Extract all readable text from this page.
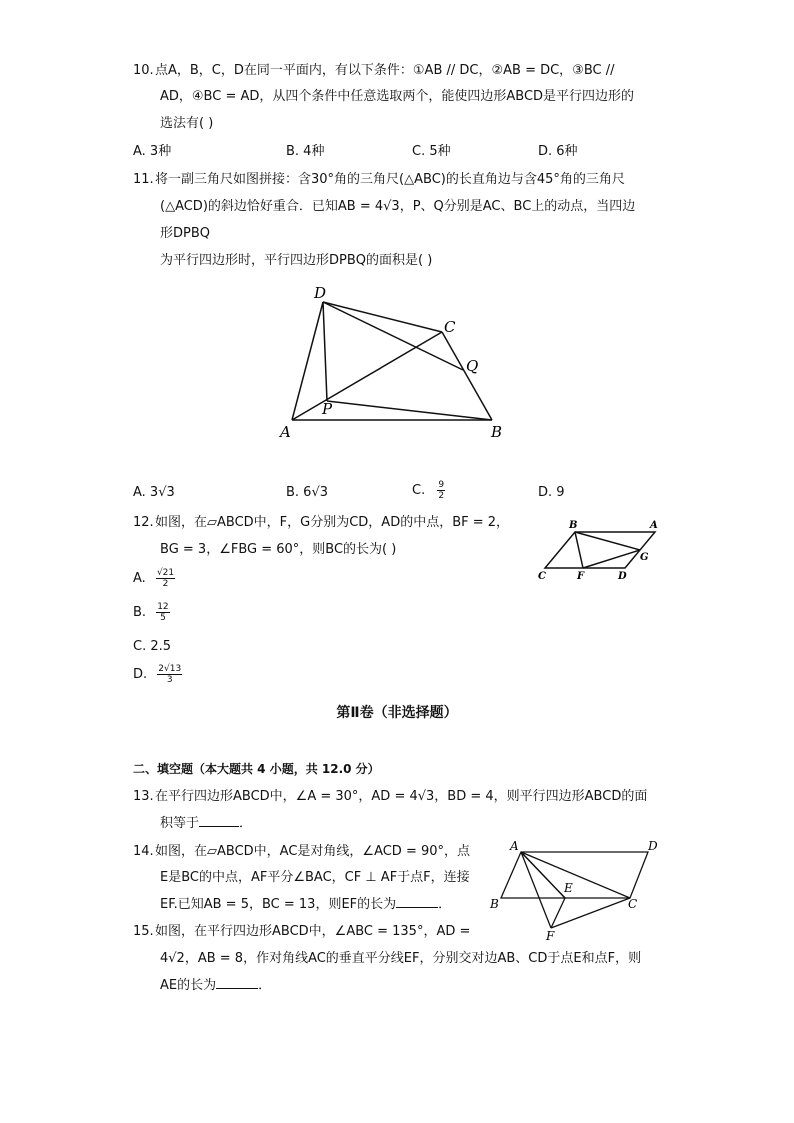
10.点A，B，C，D在同一平面内，有以下条件：①AB // DC，②AB = DC，③BC //
AD，④BC = AD，从四个条件中任意选取两个，能使四边形ABCD是平行四边形的
选法有( )
A. 3种	B. 4种	C. 5种	D. 6种
11.将一副三角尺如图拼接：含30°角的三角尺(△ABC)的长直角边与含45°角的三角尺
(△ACD)的斜边恰好重合．已知AB = 4√3，P、Q分别是AC、BC上的动点，当四边
形DPBQ
为平行四边形时，平行四边形DPBQ的面积是( )
D
C
Q
P
A	B
A. 3√3	B. 6√3	C. $\frac{9}{2}$	D. 9
12.如图，在▱ABCD中，F，G分别为CD，AD的中点，BF = 2，
BG = 3，∠FBG = 60°，则BC的长为( )
B	A
G
C	F	D
A. $\frac{√21}{2}$
B. $\frac{12}{5}$
C. 2.5
D. $\frac{2√13}{3}$
第Ⅱ卷（非选择题）
二、填空题（本大题共 4 小题，共 12.0 分）
13.在平行四边形ABCD中，∠A = 30°，AD = 4√3，BD = 4，则平行四边形ABCD的面
积等于	．
14.如图，在▱ABCD中，AC是对角线，∠ACD = 90°，点
E是BC的中点，AF平分∠BAC，CF ⊥ AF于点F，连接
EF.已知AB = 5，BC = 13，则EF的长为	．
A	D
E
B	C
F
15.如图，在平行四边形ABCD中，∠ABC = 135°，AD =
4√2，AB = 8，作对角线AC的垂直平分线EF，分别交对边AB、CD于点E和点F，则
AE的长为	．
